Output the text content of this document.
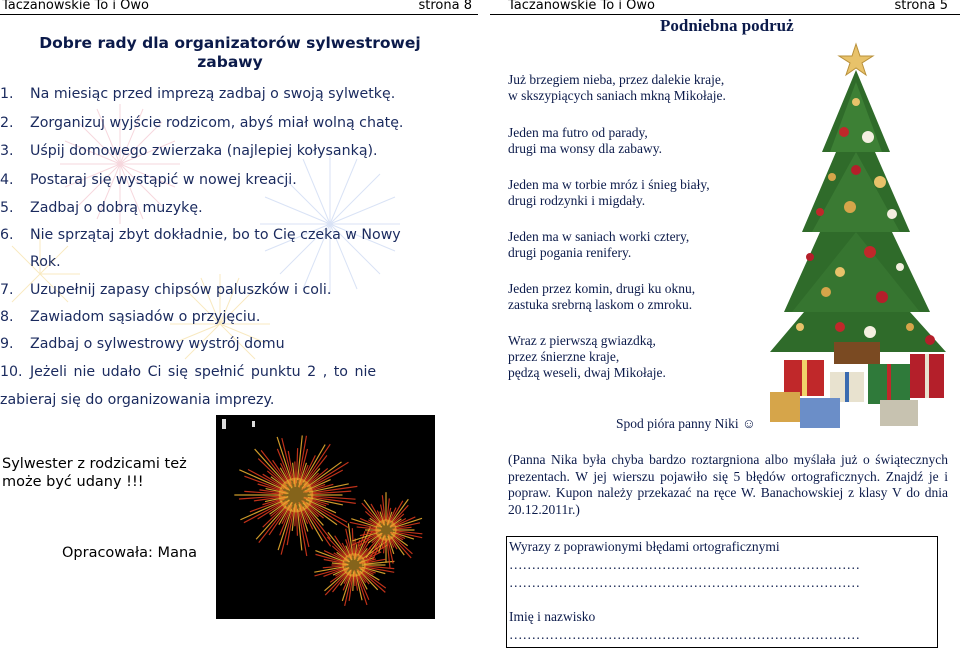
Taczanowskie To i Owo	strona 8
Dobre rady dla organizatorów sylwestrowej
zabawy
1.	Na miesiąc przed imprezą zadbaj o swoją sylwetkę.
2.	Zorganizuj wyjście rodzicom, abyś miał wolną chatę.
3.	Uśpij domowego zwierzaka (najlepiej kołysanką).
4.	Postaraj się wystąpić w nowej kreacji.
5.	Zadbaj o dobrą muzykę.
6.	Nie sprzątaj zbyt dokładnie, bo to Cię czeka w Nowy
Rok.
7.	Uzupełnij zapasy chipsów paluszków i coli.
8.	Zawiadom sąsiadów o przyjęciu.
9.	Zadbaj o sylwestrowy wystrój domu
10. Jeżeli nie udało Ci się spełnić punktu 2 , to nie
zabieraj się do organizowania imprezy.
Sylwester z rodzicami też
może być udany !!!
Opracowała: Mana
Taczanowskie To i Owo	strona 5
Podniebna podruż
Już brzegiem nieba, przez dalekie kraje,
w skszypiących saniach mkną Mikołaje.
Jeden ma futro od parady,
drugi ma wonsy dla zabawy.
Jeden ma w torbie mróz i śnieg biały,
drugi rodzynki i migdały.
Jeden ma w saniach worki cztery,
drugi pogania renifery.
Jeden przez komin, drugi ku oknu,
zastuka srebrną laskom o zmroku.
Wraz z pierwszą gwiazdką,
przez śnierzne kraje,
pędzą weseli, dwaj Mikołaje.
Spod pióra panny Niki ☺
(Panna Nika była chyba bardzo roztargniona albo myślała już o świątecznych prezentach. W jej wierszu pojawiło się 5 błędów ortograficznych. Znajdź je i popraw. Kupon należy przekazać na ręce W. Banachowskiej z klasy V do dnia 20.12.2011r.)
Wyrazy z poprawionymi błędami ortograficznymi
……………………………………………………………………
……………………………………………………………………
Imię i nazwisko
……………………………………………………………………
